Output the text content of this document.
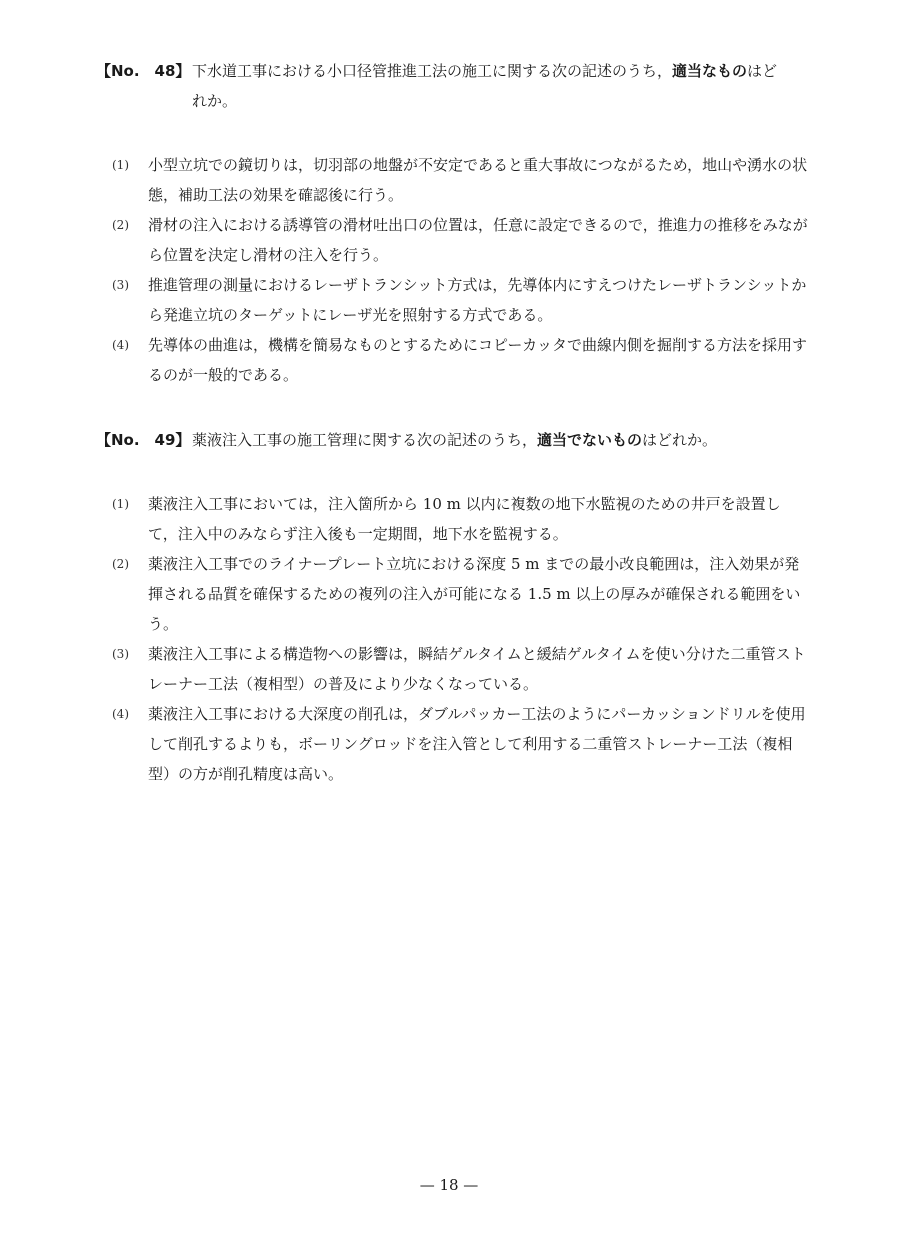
【No.　48】 下水道工事における小口径管推進工法の施工に関する次の記述のうち，適当なものはど
れか。
(1) 小型立坑での鏡切りは，切羽部の地盤が不安定であると重大事故につながるため，地山や湧水の状態，補助工法の効果を確認後に行う。
(2) 滑材の注入における誘導管の滑材吐出口の位置は，任意に設定できるので，推進力の推移をみながら位置を決定し滑材の注入を行う。
(3) 推進管理の測量におけるレーザトランシット方式は，先導体内にすえつけたレーザトランシットから発進立坑のターゲットにレーザ光を照射する方式である。
(4) 先導体の曲進は，機構を簡易なものとするためにコピーカッタで曲線内側を掘削する方法を採用するのが一般的である。
【No.　49】 薬液注入工事の施工管理に関する次の記述のうち，適当でないものはどれか。
(1) 薬液注入工事においては，注入箇所から 10 m 以内に複数の地下水監視のための井戸を設置して，注入中のみならず注入後も一定期間，地下水を監視する。
(2) 薬液注入工事でのライナープレート立坑における深度 5 m までの最小改良範囲は，注入効果が発揮される品質を確保するための複列の注入が可能になる 1.5 m 以上の厚みが確保される範囲をいう。
(3) 薬液注入工事による構造物への影響は，瞬結ゲルタイムと緩結ゲルタイムを使い分けた二重管ストレーナー工法（複相型）の普及により少なくなっている。
(4) 薬液注入工事における大深度の削孔は，ダブルパッカー工法のようにパーカッションドリルを使用して削孔するよりも，ボーリングロッドを注入管として利用する二重管ストレーナー工法（複相型）の方が削孔精度は高い。
— 18 —
